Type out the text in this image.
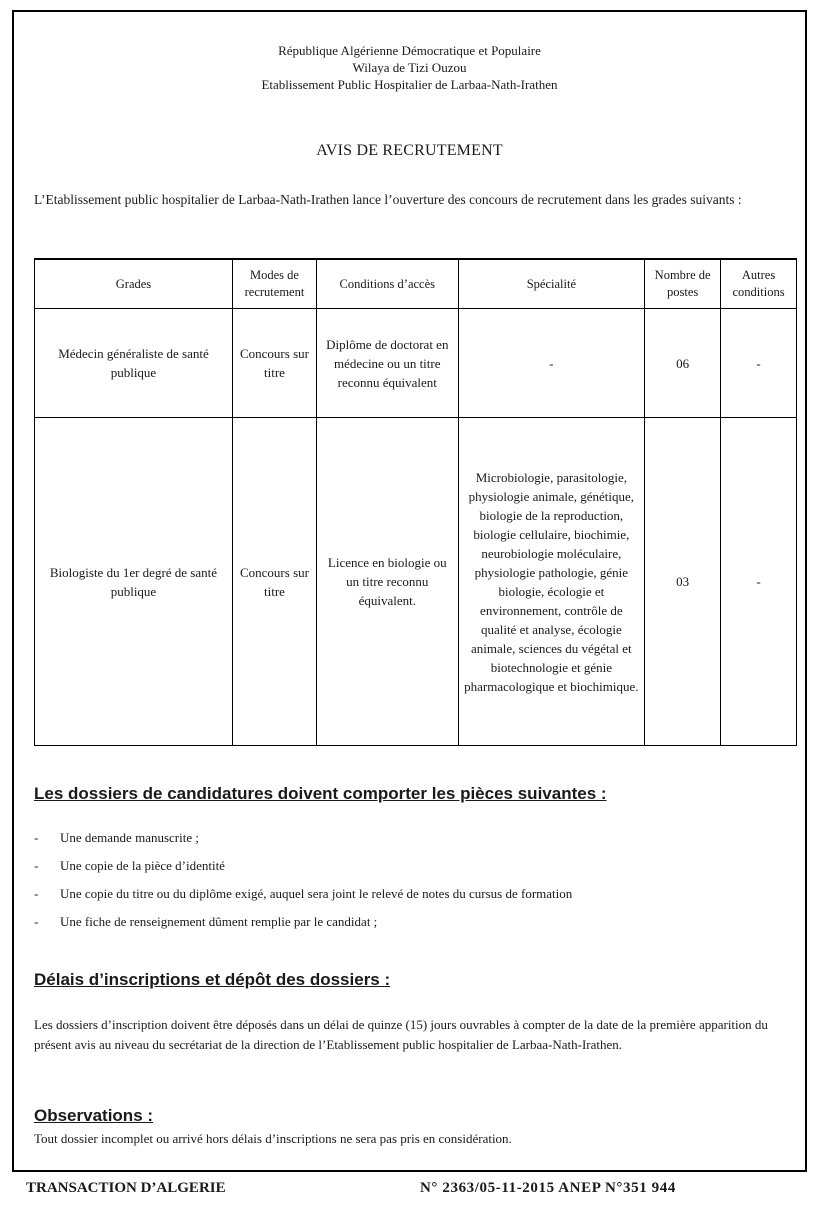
République Algérienne Démocratique et Populaire
Wilaya de Tizi Ouzou
Etablissement Public Hospitalier de Larbaa-Nath-Irathen
AVIS DE RECRUTEMENT
L’Etablissement public hospitalier de Larbaa-Nath-Irathen lance l’ouverture des concours de recrutement dans les grades suivants :
Grades	Modes de recrutement	Conditions d’accès	Spécialité	Nombre de postes	Autres conditions
Médecin généraliste de santé publique	Concours sur titre	Diplôme de doctorat en médecine ou un titre reconnu équivalent	-	06	-
Biologiste du 1er degré de santé publique	Concours sur titre	Licence en biologie ou un titre reconnu équivalent.	Microbiologie, parasitologie, physiologie animale, génétique, biologie de la reproduction, biologie cellulaire, biochimie, neurobiologie moléculaire, physiologie pathologie, génie biologie, écologie et environnement, contrôle de qualité et analyse, écologie animale, sciences du végétal et biotechnologie et génie pharmacologique et biochimique.	03	-
Les dossiers de candidatures doivent comporter les pièces suivantes :
- Une demande manuscrite ;
- Une copie de la pièce d’identité
- Une copie du titre ou du diplôme exigé, auquel sera joint le relevé de notes du cursus de formation
- Une fiche de renseignement dûment remplie par le candidat ;
Délais d’inscriptions et dépôt des dossiers :
Les dossiers d’inscription doivent être déposés dans un délai de quinze (15) jours ouvrables à compter de la date de la première apparition du présent avis au niveau du secrétariat de la direction de l’Etablissement public hospitalier de Larbaa-Nath-Irathen.
Observations :
Tout dossier incomplet ou arrivé hors délais d’inscriptions ne sera pas pris en considération.
TRANSACTION D’ALGERIE	N° 2363/05-11-2015 ANEP N°351 944
